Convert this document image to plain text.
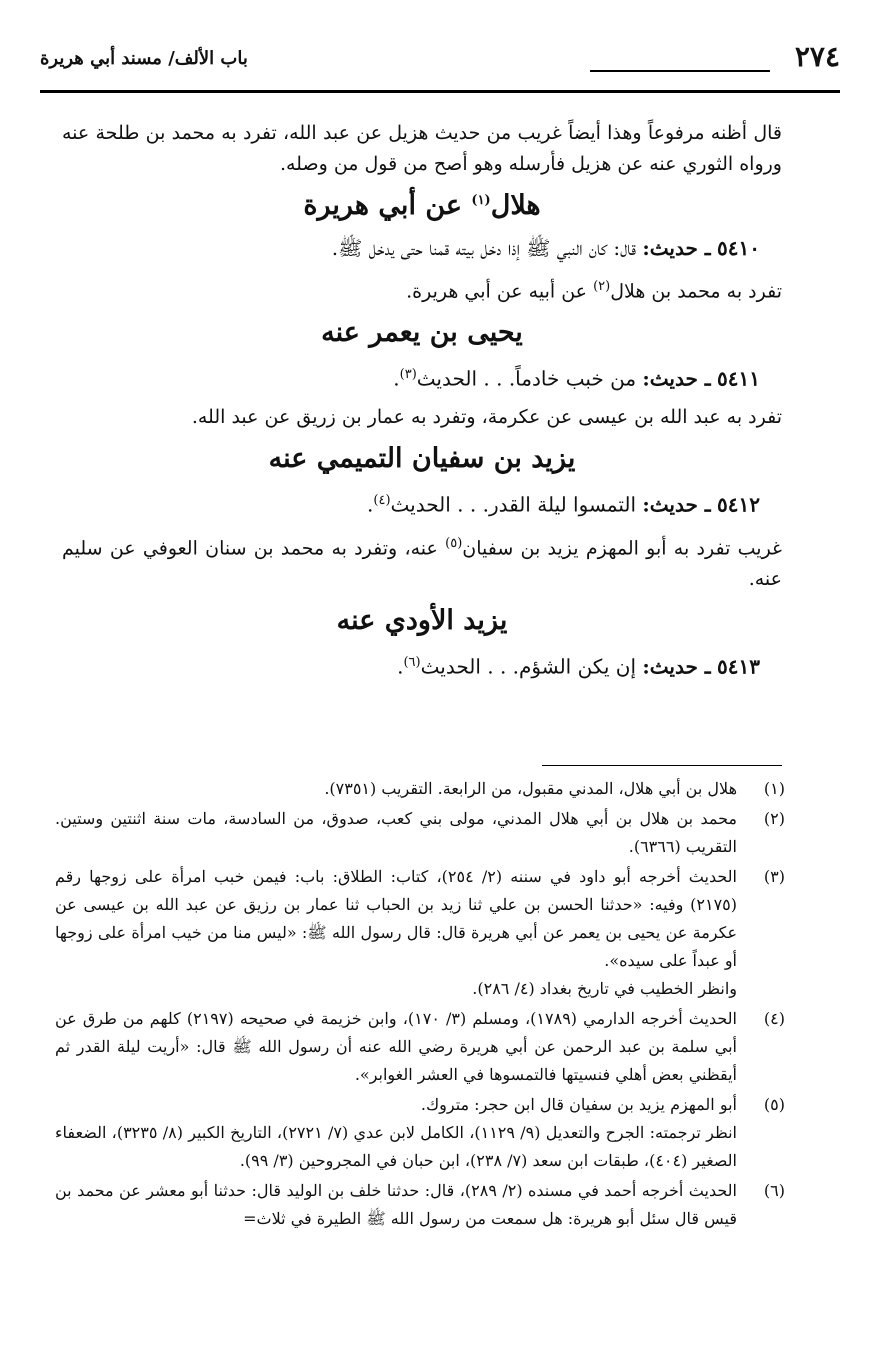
٢٧٤
باب الألف/ مسند أبي هريرة

قال أظنه مرفوعاً وهذا أيضاً غريب من حديث هزيل عن عبد الله، تفرد به محمد بن طلحة عنه ورواه الثوري عنه عن هزيل فأرسله وهو أصح من قول من وصله.

هلال$^{(١)}$ عن أبي هريرة

٥٤١٠ ـ حديث: قال: كان النبي ﷺ إذا دخل بيته قمنا حتى يدخل ﷺ.

تفرد به محمد بن هلال$^{(٢)}$ عن أبيه عن أبي هريرة.

يحيى بن يعمر عنه

٥٤١١ ـ حديث: من خبب خادماً. . . الحديث$^{(٣)}$.

تفرد به عبد الله بن عيسى عن عكرمة، وتفرد به عمار بن زريق عن عبد الله.

يزيد بن سفيان التميمي عنه

٥٤١٢ ـ حديث: التمسوا ليلة القدر. . . الحديث$^{(٤)}$.

غريب تفرد به أبو المهزم يزيد بن سفيان$^{(٥)}$ عنه، وتفرد به محمد بن سنان العوفي عن سليم عنه.

يزيد الأودي عنه

٥٤١٣ ـ حديث: إن يكن الشؤم. . . الحديث$^{(٦)}$.

(١)
هلال بن أبي هلال، المدني مقبول، من الرابعة. التقريب (٧٣٥١).
(٢)
محمد بن هلال بن أبي هلال المدني، مولى بني كعب، صدوق، من السادسة، مات سنة اثنتين وستين. التقريب (٦٣٦٦).
(٣)
الحديث أخرجه أبو داود في سننه (٢/ ٢٥٤)، كتاب: الطلاق: باب: فيمن خبب امرأة على زوجها رقم (٢١٧٥) وفيه: «حدثنا الحسن بن علي ثنا زيد بن الحباب ثنا عمار بن رزيق عن عبد الله بن عيسى عن عكرمة عن يحيى بن يعمر عن أبي هريرة قال: قال رسول الله ﷺ: «ليس منا من خيب امرأة على زوجها أو عبداً على سيده».
وانظر الخطيب في تاريخ بغداد (٤/ ٢٨٦).
(٤)
الحديث أخرجه الدارمي (١٧٨٩)، ومسلم (٣/ ١٧٠)، وابن خزيمة في صحيحه (٢١٩٧) كلهم من طرق عن أبي سلمة بن عبد الرحمن عن أبي هريرة رضي الله عنه أن رسول الله ﷺ قال: «أريت ليلة القدر ثم أيقظني بعض أهلي فنسيتها فالتمسوها في العشر الغوابر».
(٥)
أبو المهزم يزيد بن سفيان قال ابن حجر: متروك.
انظر ترجمته: الجرح والتعديل (٩/ ١١٢٩)، الكامل لابن عدي (٧/ ٢٧٢١)، التاريخ الكبير (٨/ ٣٢٣٥)، الضعفاء الصغير (٤٠٤)، طبقات ابن سعد (٧/ ٢٣٨)، ابن حبان في المجروحين (٣/ ٩٩).
(٦)
الحديث أخرجه أحمد في مسنده (٢/ ٢٨٩)، قال: حدثنا خلف بن الوليد قال: حدثنا أبو معشر عن محمد بن قيس قال سئل أبو هريرة: هل سمعت من رسول الله ﷺ الطيرة في ثلاث=
